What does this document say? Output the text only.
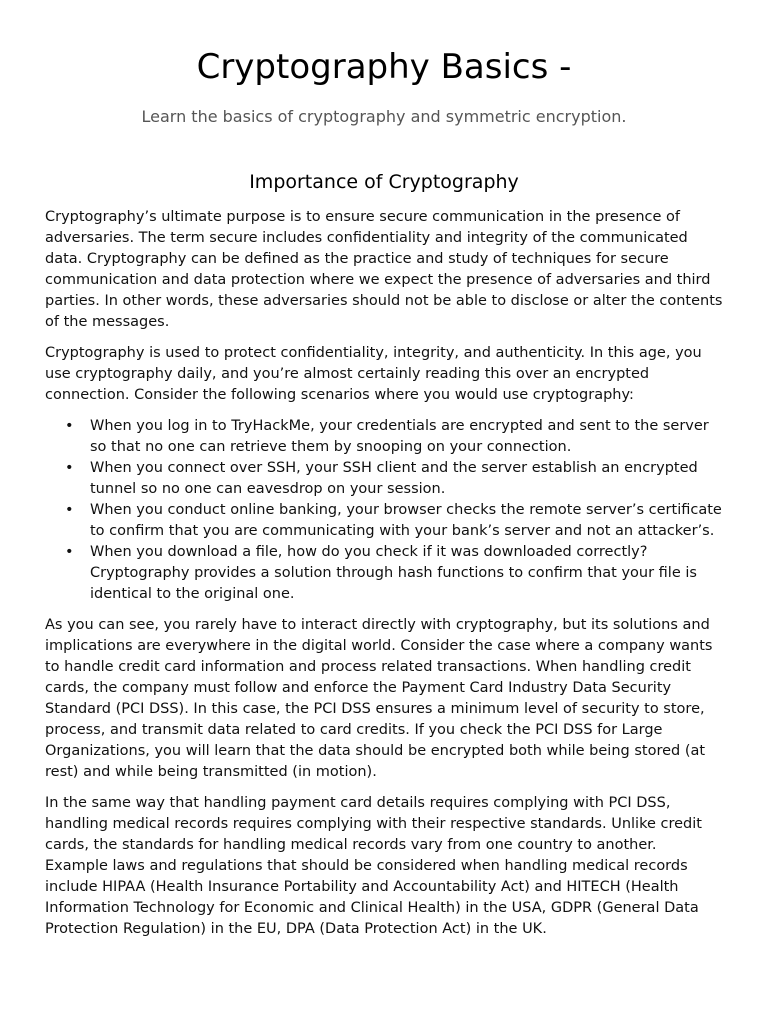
Cryptography Basics -

Learn the basics of cryptography and symmetric encryption.

Importance of Cryptography

Cryptography’s ultimate purpose is to ensure secure communication in the presence of adversaries. The term secure includes confidentiality and integrity of the communicated data. Cryptography can be defined as the practice and study of techniques for secure communication and data protection where we expect the presence of adversaries and third parties. In other words, these adversaries should not be able to disclose or alter the contents of the messages.

Cryptography is used to protect confidentiality, integrity, and authenticity. In this age, you use cryptography daily, and you’re almost certainly reading this over an encrypted connection. Consider the following scenarios where you would use cryptography:

• When you log in to TryHackMe, your credentials are encrypted and sent to the server so that no one can retrieve them by snooping on your connection.
• When you connect over SSH, your SSH client and the server establish an encrypted tunnel so no one can eavesdrop on your session.
• When you conduct online banking, your browser checks the remote server’s certificate to confirm that you are communicating with your bank’s server and not an attacker’s.
• When you download a file, how do you check if it was downloaded correctly? Cryptography provides a solution through hash functions to confirm that your file is identical to the original one.

As you can see, you rarely have to interact directly with cryptography, but its solutions and implications are everywhere in the digital world. Consider the case where a company wants to handle credit card information and process related transactions. When handling credit cards, the company must follow and enforce the Payment Card Industry Data Security Standard (PCI DSS). In this case, the PCI DSS ensures a minimum level of security to store, process, and transmit data related to card credits. If you check the PCI DSS for Large Organizations, you will learn that the data should be encrypted both while being stored (at rest) and while being transmitted (in motion).

In the same way that handling payment card details requires complying with PCI DSS, handling medical records requires complying with their respective standards. Unlike credit cards, the standards for handling medical records vary from one country to another. Example laws and regulations that should be considered when handling medical records include HIPAA (Health Insurance Portability and Accountability Act) and HITECH (Health Information Technology for Economic and Clinical Health) in the USA, GDPR (General Data Protection Regulation) in the EU, DPA (Data Protection Act) in the UK.
